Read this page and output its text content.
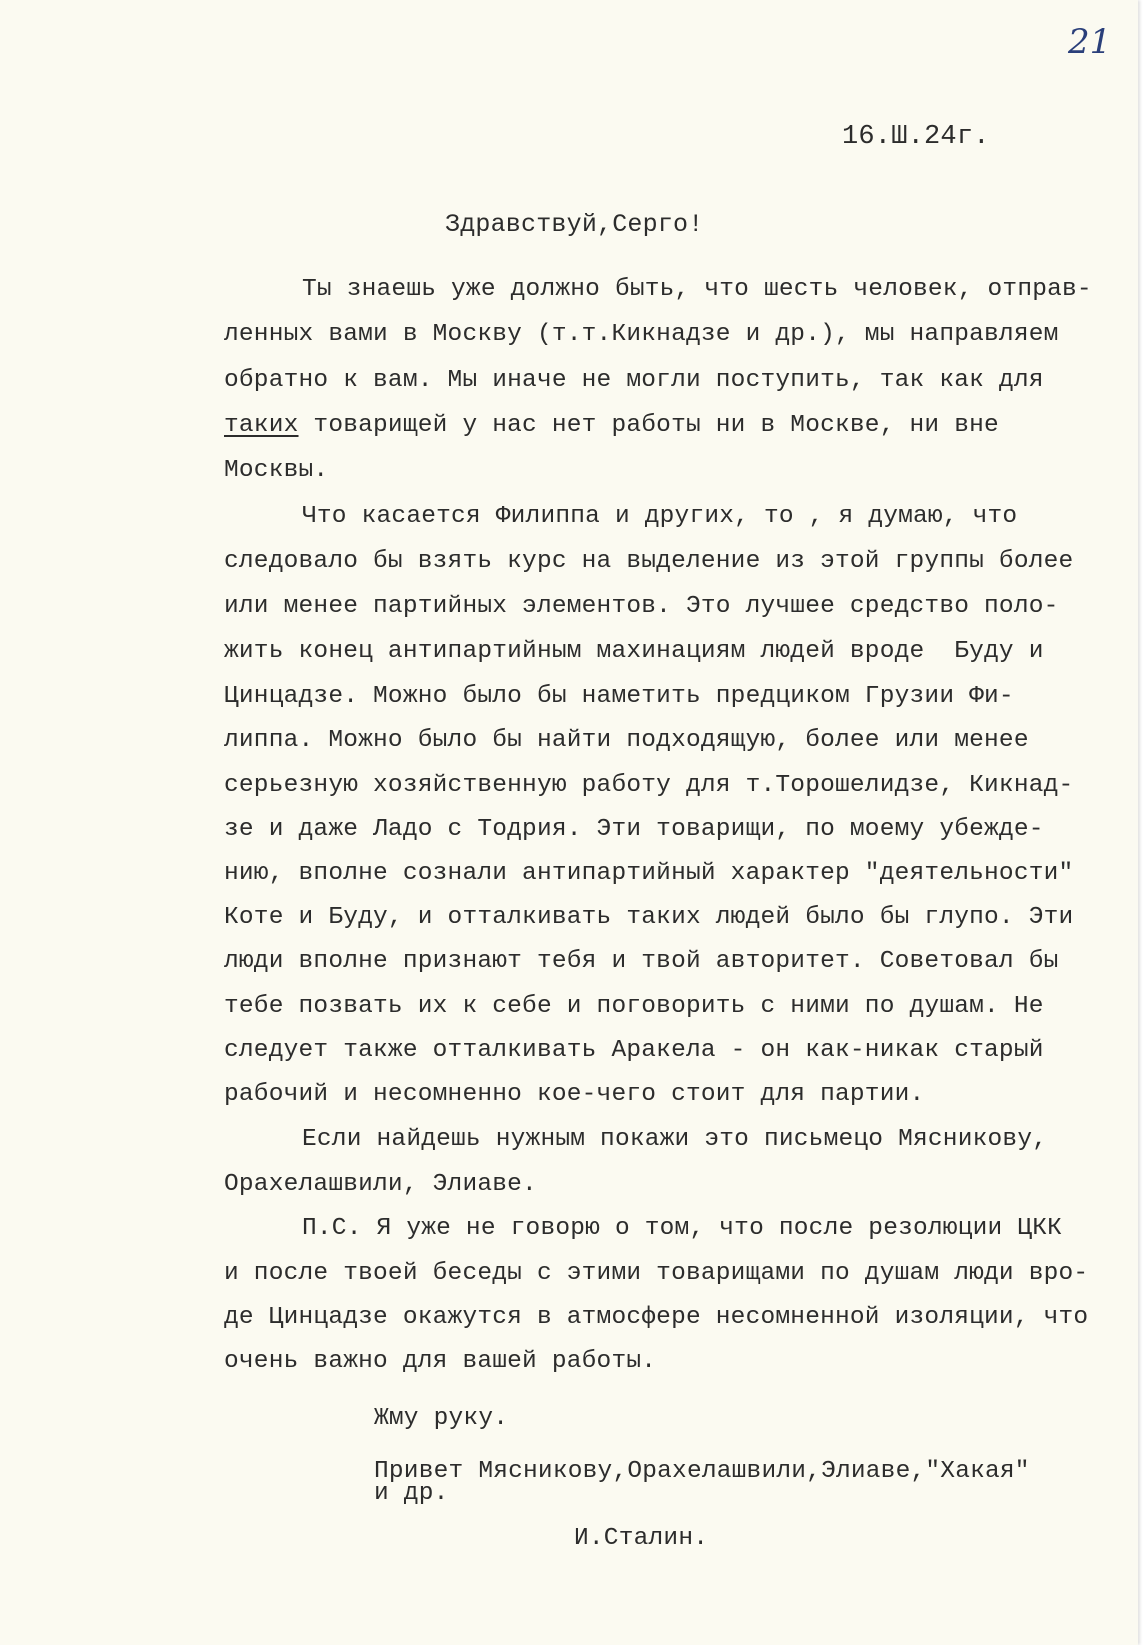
21
16.Ш.24г.
Здравствуй,Серго!
Ты знаешь уже должно быть, что шесть человек, отправ-
ленных вами в Москву (т.т.Кикнадзе и др.), мы направляем
обратно к вам. Мы иначе не могли поступить, так как для
таких товарищей у нас нет работы ни в Москве, ни вне
Москвы.
Что касается Филиппа и других, то , я думаю, что
следовало бы взять курс на выделение из этой группы более
или менее партийных элементов. Это лучшее средство поло-
жить конец антипартийным махинациям людей вроде  Буду и
Цинцадзе. Можно было бы наметить предциком Грузии Фи-
липпа. Можно было бы найти подходящую, более или менее
серьезную хозяйственную работу для т.Торошелидзе, Кикнад-
зе и даже Ладо с Тодрия. Эти товарищи, по моему убежде-
нию, вполне сознали антипартийный характер "деятельности"
Коте и Буду, и отталкивать таких людей было бы глупо. Эти
люди вполне признают тебя и твой авторитет. Советовал бы
тебе позвать их к себе и поговорить с ними по душам. Не
следует также отталкивать Аракела - он как-никак старый
рабочий и несомненно кое-чего стоит для партии.
Если найдешь нужным покажи это письмецо Мясникову,
Орахелашвили, Элиаве.
П.С. Я уже не говорю о том, что после резолюции ЦКК
и после твоей беседы с этими товарищами по душам люди вро-
де Цинцадзе окажутся в атмосфере несомненной изоляции, что
очень важно для вашей работы.
Жму руку.
Привет Мясникову,Орахелашвили,Элиаве,"Хакая"
и др.
И.Сталин.
